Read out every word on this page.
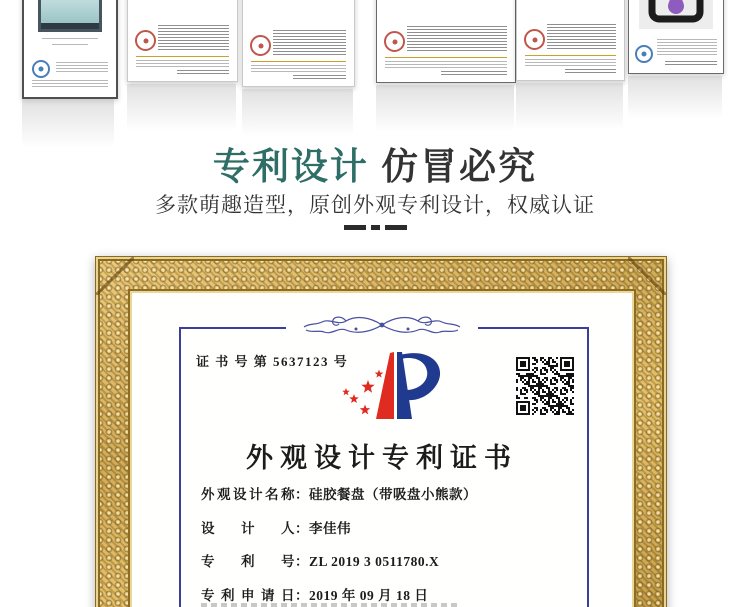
专利设计 仿冒必究
多款萌趣造型，原创外观专利设计，权威认证
证 书 号 第 5637123 号
外观设计专利证书
外观设计名称：硅胶餐盘（带吸盘小熊款）
设 计 人：李佳伟
专 利 号：ZL 2019 3 0511780.X
专利申请日：2019 年 09 月 18 日
